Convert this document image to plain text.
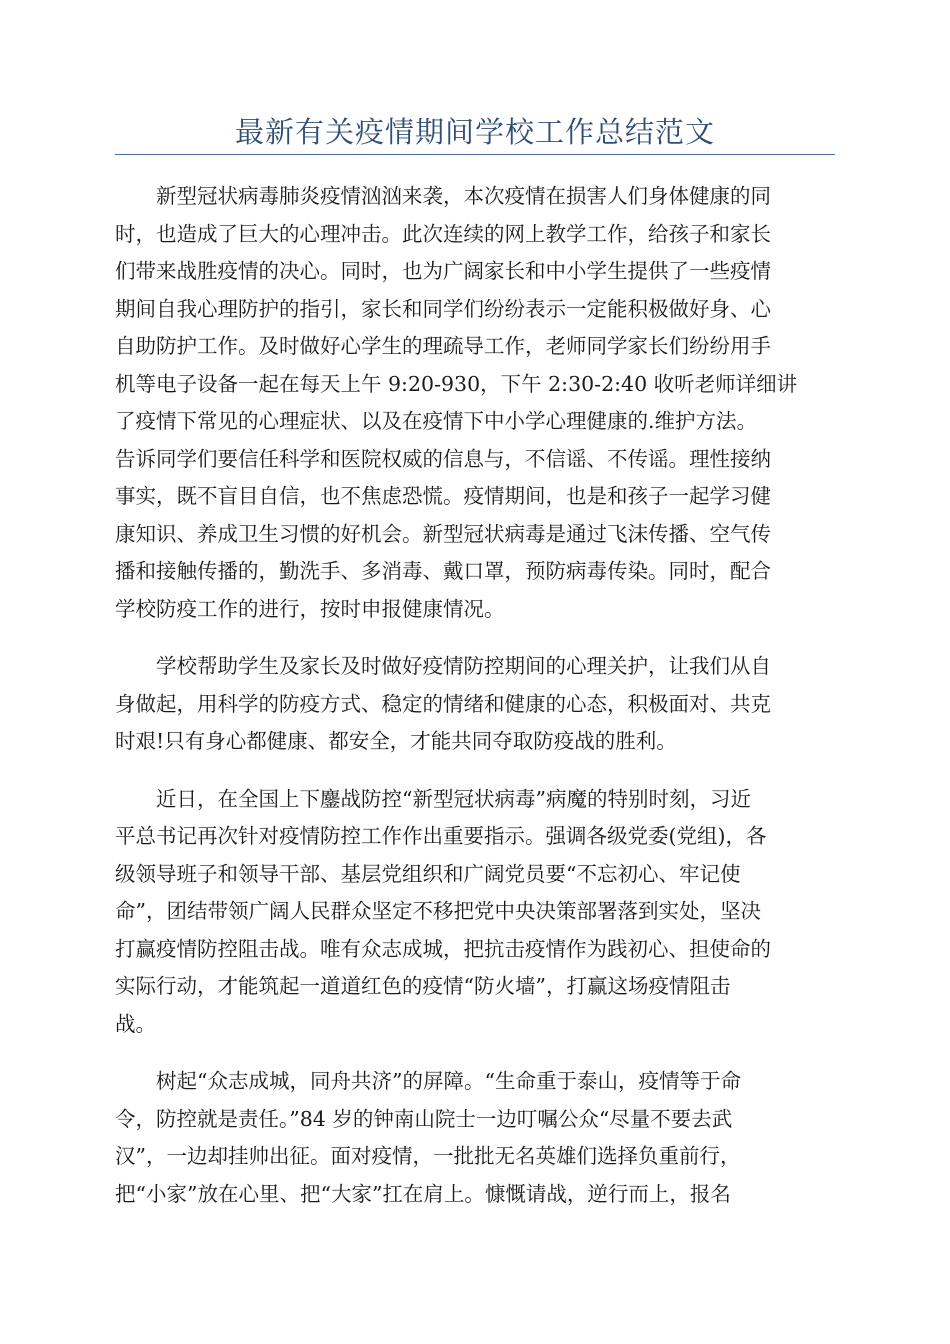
最新有关疫情期间学校工作总结范文

新型冠状病毒肺炎疫情汹汹来袭，本次疫情在损害人们身体健康的同
时，也造成了巨大的心理冲击。此次连续的网上教学工作，给孩子和家长
们带来战胜疫情的决心。同时，也为广阔家长和中小学生提供了一些疫情
期间自我心理防护的指引，家长和同学们纷纷表示一定能积极做好身、心
自助防护工作。及时做好心学生的理疏导工作，老师同学家长们纷纷用手
机等电子设备一起在每天上午 9:20-930，下午 2:30-2:40 收听老师详细讲
了疫情下常见的心理症状、以及在疫情下中小学心理健康的.维护方法。
告诉同学们要信任科学和医院权威的信息与，不信谣、不传谣。理性接纳
事实，既不盲目自信，也不焦虑恐慌。疫情期间，也是和孩子一起学习健
康知识、养成卫生习惯的好机会。新型冠状病毒是通过飞沫传播、空气传
播和接触传播的，勤洗手、多消毒、戴口罩，预防病毒传染。同时，配合
学校防疫工作的进行，按时申报健康情况。

学校帮助学生及家长及时做好疫情防控期间的心理关护，让我们从自
身做起，用科学的防疫方式、稳定的情绪和健康的心态，积极面对、共克
时艰!只有身心都健康、都安全，才能共同夺取防疫战的胜利。

近日，在全国上下鏖战防控“新型冠状病毒”病魔的特别时刻，习近
平总书记再次针对疫情防控工作作出重要指示。强调各级党委(党组)，各
级领导班子和领导干部、基层党组织和广阔党员要“不忘初心、牢记使
命”，团结带领广阔人民群众坚定不移把党中央决策部署落到实处，坚决
打赢疫情防控阻击战。唯有众志成城，把抗击疫情作为践初心、担使命的
实际行动，才能筑起一道道红色的疫情“防火墙”，打赢这场疫情阻击
战。

树起“众志成城，同舟共济”的屏障。“生命重于泰山，疫情等于命
令，防控就是责任。”84 岁的钟南山院士一边叮嘱公众“尽量不要去武
汉”，一边却挂帅出征。面对疫情，一批批无名英雄们选择负重前行，
把“小家”放在心里、把“大家”扛在肩上。慷慨请战，逆行而上，报名
